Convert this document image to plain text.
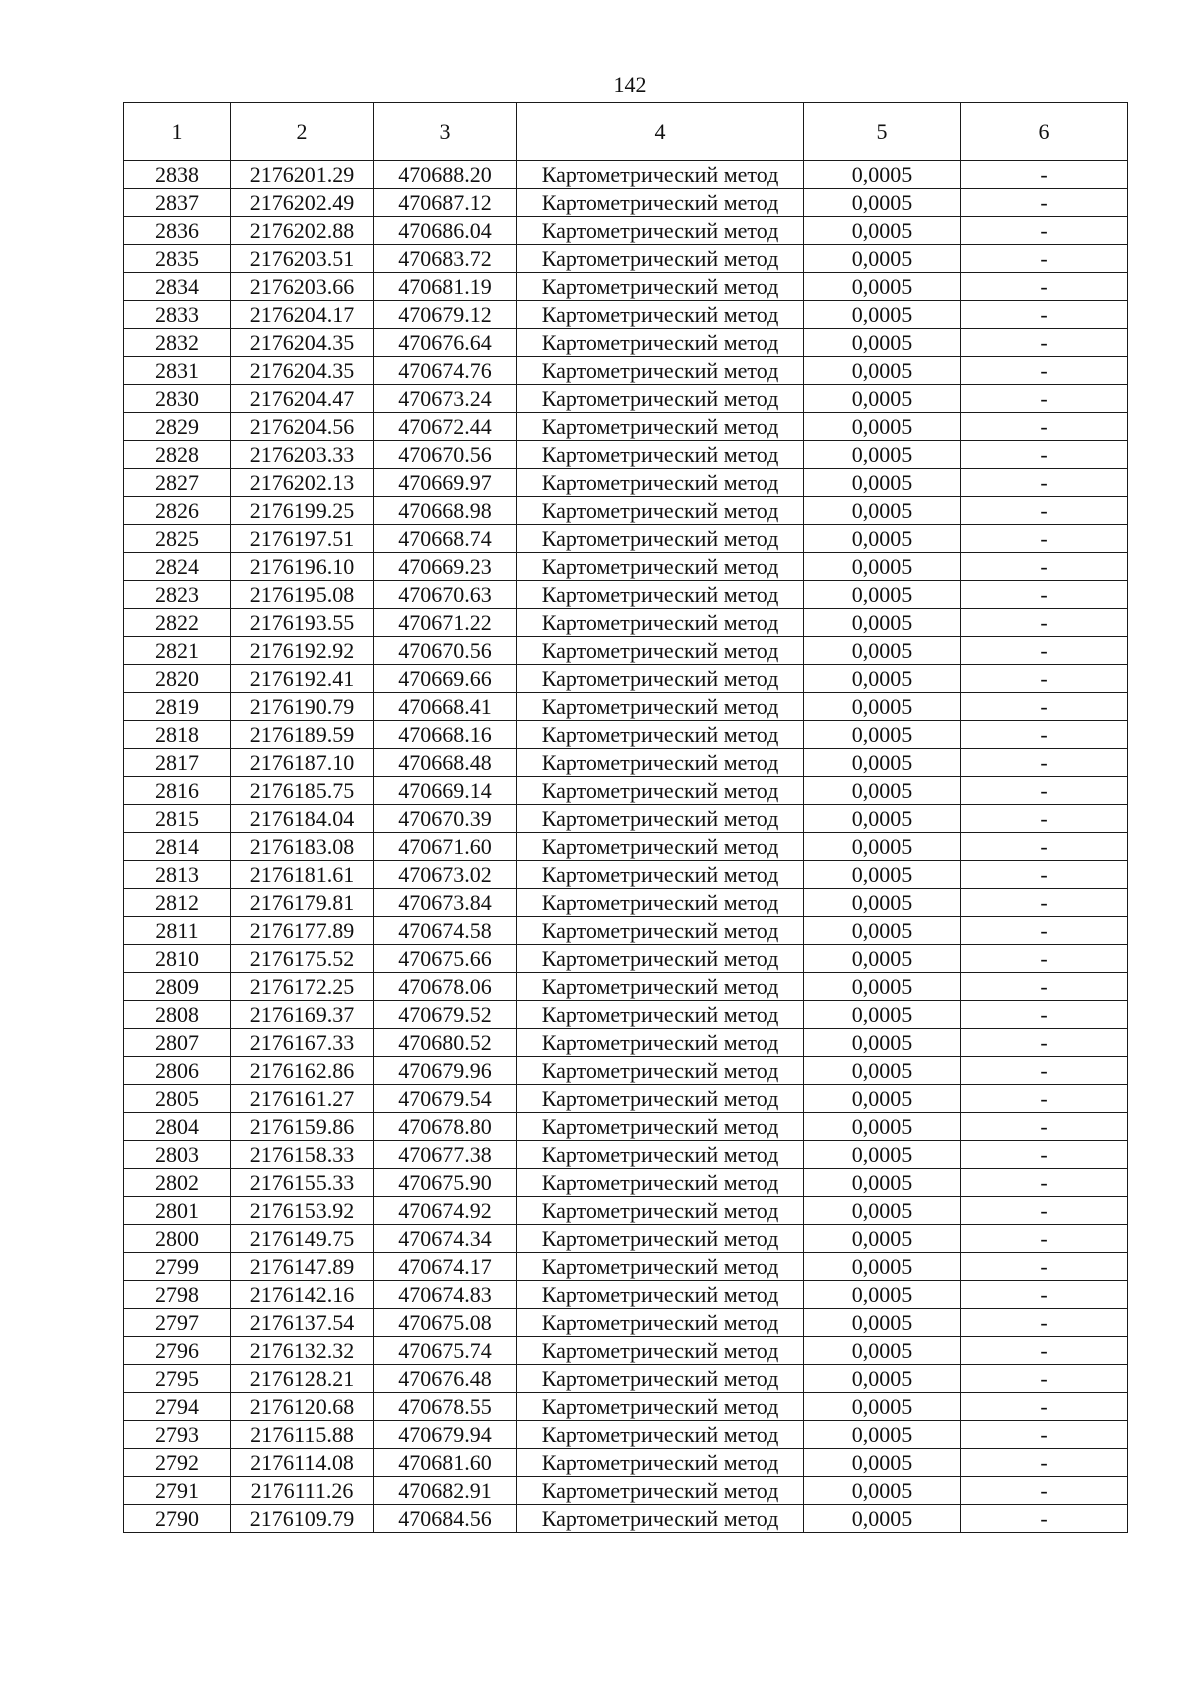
142
1	2	3	4	5	6
2838	2176201.29	470688.20	Картометрический метод	0,0005	-
2837	2176202.49	470687.12	Картометрический метод	0,0005	-
2836	2176202.88	470686.04	Картометрический метод	0,0005	-
2835	2176203.51	470683.72	Картометрический метод	0,0005	-
2834	2176203.66	470681.19	Картометрический метод	0,0005	-
2833	2176204.17	470679.12	Картометрический метод	0,0005	-
2832	2176204.35	470676.64	Картометрический метод	0,0005	-
2831	2176204.35	470674.76	Картометрический метод	0,0005	-
2830	2176204.47	470673.24	Картометрический метод	0,0005	-
2829	2176204.56	470672.44	Картометрический метод	0,0005	-
2828	2176203.33	470670.56	Картометрический метод	0,0005	-
2827	2176202.13	470669.97	Картометрический метод	0,0005	-
2826	2176199.25	470668.98	Картометрический метод	0,0005	-
2825	2176197.51	470668.74	Картометрический метод	0,0005	-
2824	2176196.10	470669.23	Картометрический метод	0,0005	-
2823	2176195.08	470670.63	Картометрический метод	0,0005	-
2822	2176193.55	470671.22	Картометрический метод	0,0005	-
2821	2176192.92	470670.56	Картометрический метод	0,0005	-
2820	2176192.41	470669.66	Картометрический метод	0,0005	-
2819	2176190.79	470668.41	Картометрический метод	0,0005	-
2818	2176189.59	470668.16	Картометрический метод	0,0005	-
2817	2176187.10	470668.48	Картометрический метод	0,0005	-
2816	2176185.75	470669.14	Картометрический метод	0,0005	-
2815	2176184.04	470670.39	Картометрический метод	0,0005	-
2814	2176183.08	470671.60	Картометрический метод	0,0005	-
2813	2176181.61	470673.02	Картометрический метод	0,0005	-
2812	2176179.81	470673.84	Картометрический метод	0,0005	-
2811	2176177.89	470674.58	Картометрический метод	0,0005	-
2810	2176175.52	470675.66	Картометрический метод	0,0005	-
2809	2176172.25	470678.06	Картометрический метод	0,0005	-
2808	2176169.37	470679.52	Картометрический метод	0,0005	-
2807	2176167.33	470680.52	Картометрический метод	0,0005	-
2806	2176162.86	470679.96	Картометрический метод	0,0005	-
2805	2176161.27	470679.54	Картометрический метод	0,0005	-
2804	2176159.86	470678.80	Картометрический метод	0,0005	-
2803	2176158.33	470677.38	Картометрический метод	0,0005	-
2802	2176155.33	470675.90	Картометрический метод	0,0005	-
2801	2176153.92	470674.92	Картометрический метод	0,0005	-
2800	2176149.75	470674.34	Картометрический метод	0,0005	-
2799	2176147.89	470674.17	Картометрический метод	0,0005	-
2798	2176142.16	470674.83	Картометрический метод	0,0005	-
2797	2176137.54	470675.08	Картометрический метод	0,0005	-
2796	2176132.32	470675.74	Картометрический метод	0,0005	-
2795	2176128.21	470676.48	Картометрический метод	0,0005	-
2794	2176120.68	470678.55	Картометрический метод	0,0005	-
2793	2176115.88	470679.94	Картометрический метод	0,0005	-
2792	2176114.08	470681.60	Картометрический метод	0,0005	-
2791	2176111.26	470682.91	Картометрический метод	0,0005	-
2790	2176109.79	470684.56	Картометрический метод	0,0005	-
